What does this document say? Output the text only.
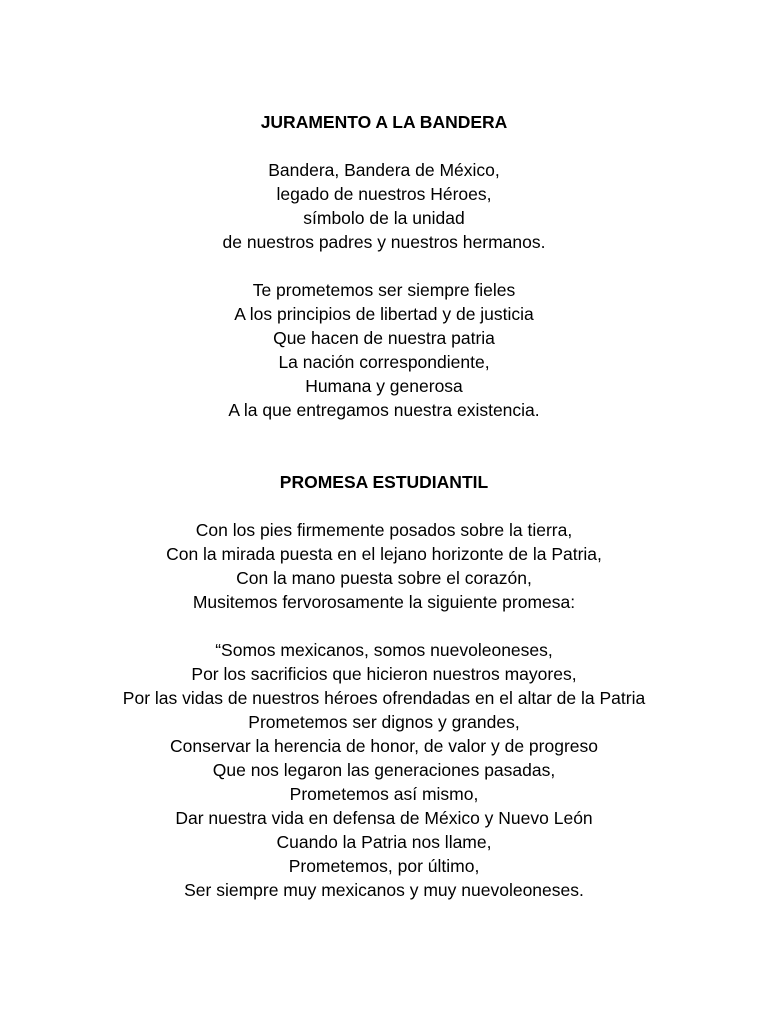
JURAMENTO A LA BANDERA

Bandera, Bandera de México,
legado de nuestros Héroes,
símbolo de la unidad
de nuestros padres y nuestros hermanos.

Te prometemos ser siempre fieles
A los principios de libertad y de justicia
Que hacen de nuestra patria
La nación correspondiente,
Humana y generosa
A la que entregamos nuestra existencia.

PROMESA ESTUDIANTIL

Con los pies firmemente posados sobre la tierra,
Con la mirada puesta en el lejano horizonte de la Patria,
Con la mano puesta sobre el corazón,
Musitemos fervorosamente la siguiente promesa:

“Somos mexicanos, somos nuevoleoneses,
Por los sacrificios que hicieron nuestros mayores,
Por las vidas de nuestros héroes ofrendadas en el altar de la Patria
Prometemos ser dignos y grandes,
Conservar la herencia de honor, de valor y de progreso
Que nos legaron las generaciones pasadas,
Prometemos así mismo,
Dar nuestra vida en defensa de México y Nuevo León
Cuando la Patria nos llame,
Prometemos, por último,
Ser siempre muy mexicanos y muy nuevoleoneses.
